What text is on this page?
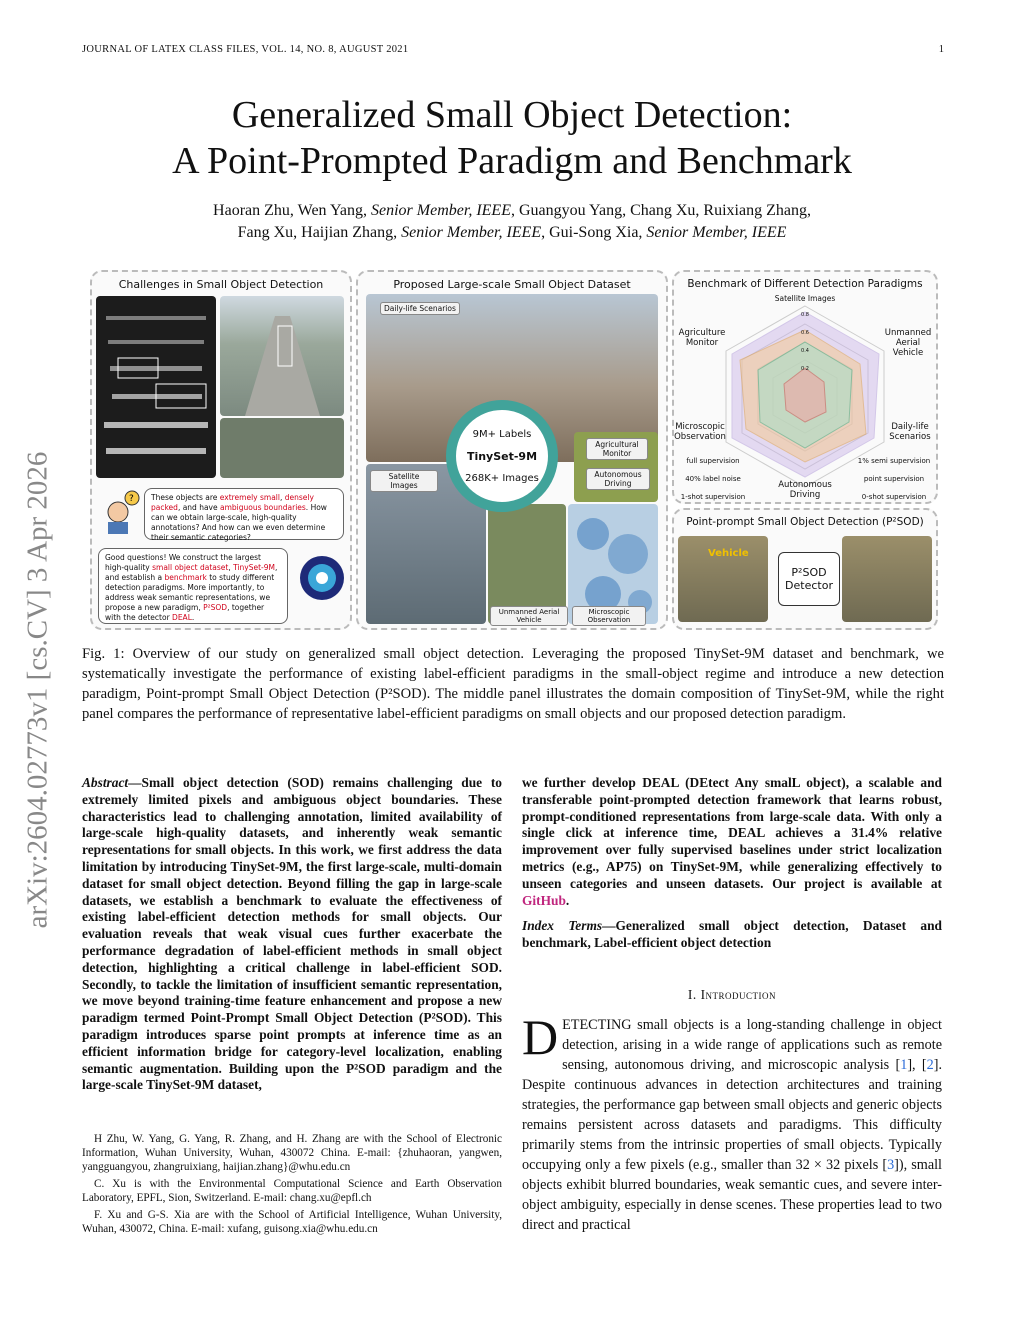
JOURNAL OF LATEX CLASS FILES, VOL. 14, NO. 8, AUGUST 2021	1
Generalized Small Object Detection:
A Point-Prompted Paradigm and Benchmark
Haoran Zhu, Wen Yang, Senior Member, IEEE, Guangyou Yang, Chang Xu, Ruixiang Zhang,
Fang Xu, Haijian Zhang, Senior Member, IEEE, Gui-Song Xia, Senior Member, IEEE
arXiv:2604.02773v1 [cs.CV] 3 Apr 2026
Challenges in Small Object Detection
These objects are extremely small, densely packed, and have ambiguous boundaries. How can we obtain large-scale, high-quality annotations? And how can we even determine their semantic categories?
?
Good questions! We construct the largest high-quality small object dataset, TinySet-9M, and establish a benchmark to study different detection paradigms. More importantly, to address weak semantic representations, we propose a new paradigm, P²SOD, together with the detector DEAL.
Proposed Large-scale Small Object Dataset
9M+ Labels
TinySet-9M
268K+ Images
Daily-life Scenarios
Satellite Images
Agricultural Monitor
Autonomous Driving
Unmanned Aerial Vehicle
Microscopic Observation
Benchmark of Different Detection Paradigms
Satellite Images
Unmanned Aerial Vehicle
Daily-life Scenarios
Autonomous Driving
Microscopic Observation
Agriculture Monitor
0.8
0.6
0.4
0.2
full supervision
40% label noise
1-shot supervision
1% semi supervision
point supervision
0-shot supervision
Point-prompt Small Object Detection (P²SOD)
Vehicle
P²SOD Detector
Fig. 1: Overview of our study on generalized small object detection. Leveraging the proposed TinySet-9M dataset and benchmark, we systematically investigate the performance of existing label-efficient paradigms in the small-object regime and introduce a new detection paradigm, Point-prompt Small Object Detection (P²SOD). The middle panel illustrates the domain composition of TinySet-9M, while the right panel compares the performance of representative label-efficient paradigms on small objects and our proposed detection paradigm.
Abstract—Small object detection (SOD) remains challenging due to extremely limited pixels and ambiguous object boundaries. These characteristics lead to challenging annotation, limited availability of large-scale high-quality datasets, and inherently weak semantic representations for small objects. In this work, we first address the data limitation by introducing TinySet-9M, the first large-scale, multi-domain dataset for small object detection. Beyond filling the gap in large-scale datasets, we establish a benchmark to evaluate the effectiveness of existing label-efficient detection methods for small objects. Our evaluation reveals that weak visual cues further exacerbate the performance degradation of label-efficient methods in small object detection, highlighting a critical challenge in label-efficient SOD. Secondly, to tackle the limitation of insufficient semantic representation, we move beyond training-time feature enhancement and propose a new paradigm termed Point-Prompt Small Object Detection (P²SOD). This paradigm introduces sparse point prompts at inference time as an efficient information bridge for category-level localization, enabling semantic augmentation. Building upon the P²SOD paradigm and the large-scale TinySet-9M dataset,

H Zhu, W. Yang, G. Yang, R. Zhang, and H. Zhang are with the School of Electronic Information, Wuhan University, Wuhan, 430072 China. E-mail: {zhuhaoran, yangwen, yangguangyou, zhangruixiang, haijian.zhang}@whu.edu.cn

C. Xu is with the Environmental Computational Science and Earth Observation Laboratory, EPFL, Sion, Switzerland. E-mail: chang.xu@epfl.ch

F. Xu and G-S. Xia are with the School of Artificial Intelligence, Wuhan University, Wuhan, 430072, China. E-mail: xufang, guisong.xia@whu.edu.cn

we further develop DEAL (DEtect Any smalL object), a scalable and transferable point-prompted detection framework that learns robust, prompt-conditioned representations from large-scale data. With only a single click at inference time, DEAL achieves a 31.4% relative improvement over fully supervised baselines under strict localization metrics (e.g., AP75) on TinySet-9M, while generalizing effectively to unseen categories and unseen datasets. Our project is available at GitHub.
Index Terms—Generalized small object detection, Dataset and benchmark, Label-efficient object detection
I. Introduction
DETECTING small objects is a long-standing challenge in object detection, arising in a wide range of applications such as remote sensing, autonomous driving, and microscopic analysis [1], [2]. Despite continuous advances in detection architectures and training strategies, the performance gap between small objects and generic objects remains persistent across datasets and paradigms. This difficulty primarily stems from the intrinsic properties of small objects. Typically occupying only a few pixels (e.g., smaller than 32 × 32 pixels [3]), small objects exhibit blurred boundaries, weak semantic cues, and severe inter-object ambiguity, especially in dense scenes. These properties lead to two direct and practical
